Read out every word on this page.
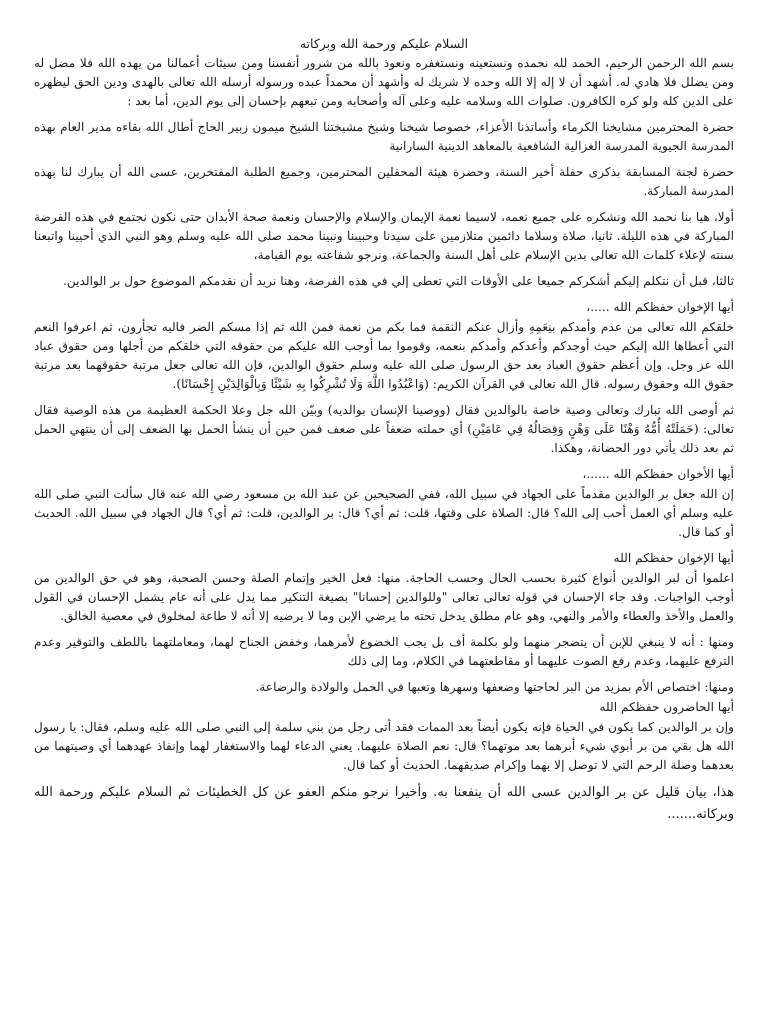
السلام عليكم ورحمة الله وبركاته
بسم الله الرحمن الرحيم، الحمد لله نحمده ونستعينه ونستغفره ونعوذ بالله من شرور أنفسنا ومن سيئات أعمالنا من يهده الله فلا مضل له ومن يضلل فلا هادي له. أشهد أن لا إله إلا الله وحده لا شريك له وأشهد أن محمداً عبده ورسوله أرسله الله تعالى بالهدى ودين الحق ليظهره على الدين كله ولو كره الكافرون. صلوات الله وسلامه عليه وعلى آله وأصحابه ومن تبعهم بإحسان إلى يوم الدين، أما بعد :
حضرة المحترمين مشايخنا الكرماء وأساتذنا الأعزاء، خصوصا شيخنا وشيخ مشيختنا الشيخ ميمون زبير الحاج أطال الله بقاءه مدير العام بهذه المدرسة الجيوية المدرسة الغزالية الشافعية بالمعاهد الدينية السارانية
حضرة لجنة المسابقة بذكرى حفلة أخير السنة، وحضرة هيئة المحفلين المحترمين، وجميع الطلبة المفتخرين، عسى الله أن يبارك لنا بهذه المدرسة المباركة.
أولا، هيا بنا نحمد الله ونشكره على جميع نعمه، لاسيما نعمة الإيمان والإسلام والإحسان ونعمة صحة الأبدان حتى نكون نجتمع في هذه الفرضة المباركة في هذه الليلة. ثانيا، صلاة وسلاما دائمين متلازمين على سيدنا وحبيبنا ونبينا محمد صلى الله عليه وسلم وهو النبي الذي أحيينا واتبعنا سنته لإعلاء كلمات الله تعالى بدين الإسلام على أهل السنة والجماعة، ونرجو شفاعته يوم القيامة،
ثالثا، قبل أن نتكلم إليكم أشكركم جميعا على الأوقات التي تعطى إلي في هذه الفرضة، وهنا نريد أن نقدمكم الموضوع حول بر الوالدين.
أيها الإخوان حفظكم الله .....،
خلقكم الله تعالى من عدم وأمدكم بنِعَمِهِ وأزال عنكم النقمة فما بكم من نعمة فمن الله ثم إذا مسكم الضر فاليه تجأرون، ثم اعرفوا النعم التي أعطاها الله إليكم حيث أوجدكم وأعدكم وأمدكم بنعمه، وقوموا بما أوجب الله عليكم من حقوقه التي خلقكم من أجلها ومن حقوق عباد الله عز وجل. وإن أعظم حقوق العباد بعد حق الرسول صلى الله عليه وسلم حقوق الوالدين، فإن الله تعالى جعل مرتبة حقوقهما بعد مرتبة حقوق الله وحقوق رسوله. قال الله تعالى في القرآن الكريم: (وَاعْبُدُوا اللَّهَ وَلَا تُشْرِكُوا بِهِ شَيْئًا وَبِالْوَالِدَيْنِ إِحْسَانًا).
ثم أوصى الله تبارك وتعالى وصية خاصة بالوالدين فقال (ووصينا الإنسان بوالديه) وبيّن الله جل وعلا الحكمة العظيمة من هذه الوصية فقال تعالى: (حَمَلَتْهُ أُمُّهُ وَهْنًا عَلَى وَهْنٍ وَفِصَالُهُ فِي عَامَيْنِ) أي حملته ضعفاً على ضعف فمن حين أن ينشأ الحمل بها الضعف إلى أن ينتهي الحمل ثم بعد ذلك يأتي دور الحضانة، وهكذا.
أيها الأخوان حفظكم الله ......،
إن الله جعل بر الوالدين مقدماً على الجهاد في سبيل الله، ففي الصحيحين عن عبد الله بن مسعود رضي الله عنه قال سألت النبي صلى الله عليه وسلم أي العمل أحب إلى الله؟ قال: الصلاة على وقتها، قلت: ثم أي؟ قال: بر الوالدين، قلت: ثم أي؟ قال الجهاد في سبيل الله. الحديث أو كما قال.
أيها الإخوان حفظكم الله
اعلموا أن لبر الوالدين أنواع كثيرة بحسب الحال وحسب الحاجة. منها: فعل الخير وإتمام الصلة وحسن الصحبة، وهو في حق الوالدين من أوجب الواجبات. وقد جاء الإحسان في قوله تعالى تعالى "وللوالدين إحسانا" بصيغة التنكير مما يدل على أنه عام يشمل الإحسان في القول والعمل والأخذ والعطاء والأمر والنهي، وهو عام مطلق يدخل تحته ما يرضي الإبن وما لا يرضيه إلا أنه لا طاعة لمخلوق في معصية الخالق.
ومنها : أنه لا ينبغي للإبن أن يتضجر منهما ولو بكلمة أف بل يجب الخضوع لأمرهما، وخفض الجناح لهما، ومعاملتهما باللطف والتوقير وعدم الترفع عليهما، وعدم رفع الصوت عليهما أو مقاطعتهما في الكلام، وما إلى ذلك
ومنها: اختصاص الأم بمزيد من البر لحاجتها وضعفها وسهرها وتعبها في الحمل والولادة والرضاعة.
أيها الحاضرون حفظكم الله
وإن بر الوالدين كما يكون في الحياة فإنه يكون أيضاً بعد الممات فقد أتى رجل من بني سلمة إلى النبي صلى الله عليه وسلم، فقال: يا رسول الله هل بقي من بر أبوي شيء أبرهما بعد موتهما؟ قال: نعم الصلاة عليهما. يعني الدعاء لهما والاستغفار لهما وإنفاذ عهدهما أي وصيتهما من بعدهما وصلة الرحم التي لا توصل إلا بهما وإكرام صديقهما. الحديث أو كما قال.
هذا، بيان قليل عن بر الوالدين عسى الله أن ينفعنا به. وأخيرا نرجو منكم العفو عن كل الخطيئات ثم السلام عليكم ورحمة الله وبركاته.......
